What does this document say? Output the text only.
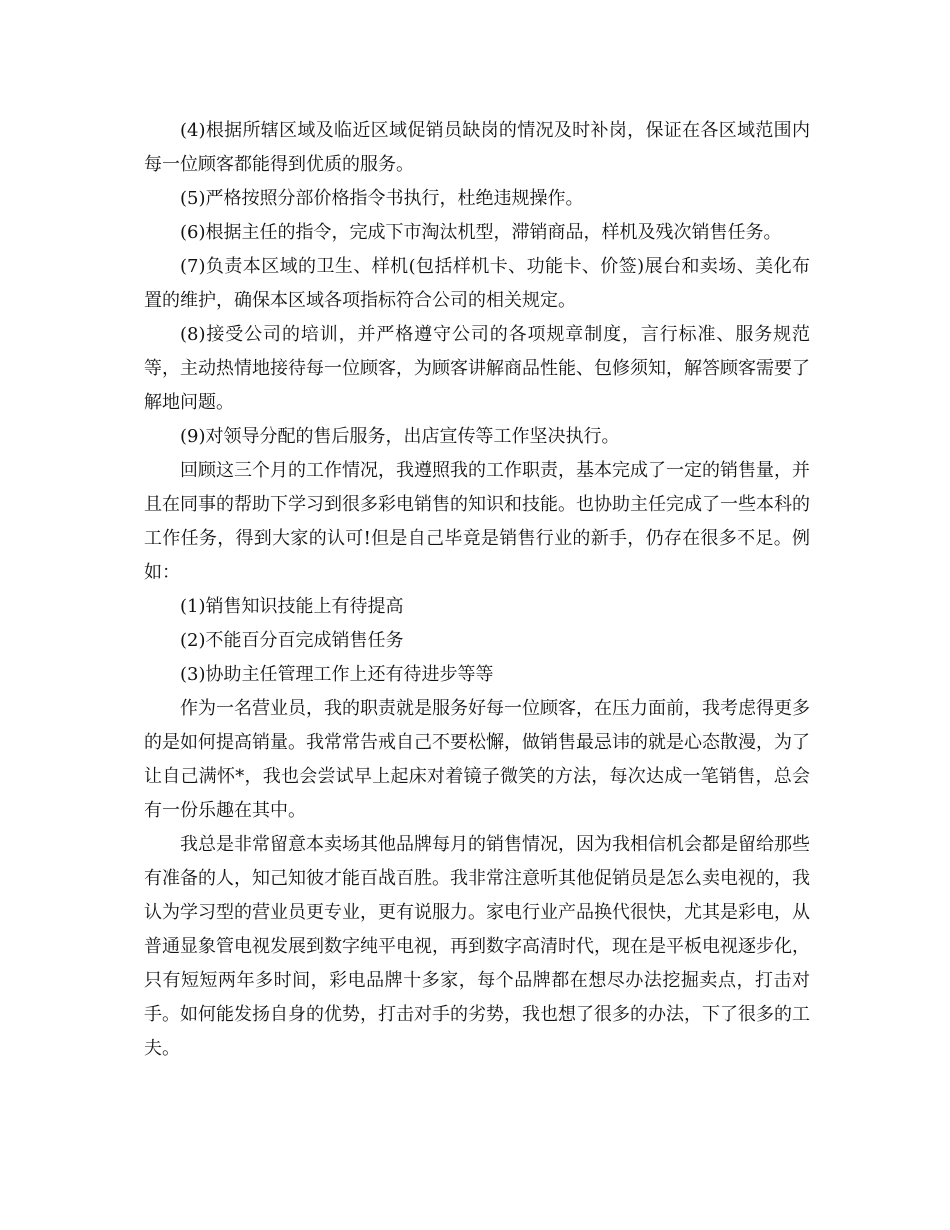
(4)根据所辖区域及临近区域促销员缺岗的情况及时补岗，保证在各区域范围内每一位顾客都能得到优质的服务。

(5)严格按照分部价格指令书执行，杜绝违规操作。

(6)根据主任的指令，完成下市淘汰机型，滞销商品，样机及残次销售任务。

(7)负责本区域的卫生、样机(包括样机卡、功能卡、价签)展台和卖场、美化布置的维护，确保本区域各项指标符合公司的相关规定。

(8)接受公司的培训，并严格遵守公司的各项规章制度，言行标准、服务规范等，主动热情地接待每一位顾客，为顾客讲解商品性能、包修须知，解答顾客需要了解地问题。

(9)对领导分配的售后服务，出店宣传等工作坚决执行。

回顾这三个月的工作情况，我遵照我的工作职责，基本完成了一定的销售量，并且在同事的帮助下学习到很多彩电销售的知识和技能。也协助主任完成了一些本科的工作任务，得到大家的认可!但是自己毕竟是销售行业的新手，仍存在很多不足。例如：

(1)销售知识技能上有待提高

(2)不能百分百完成销售任务

(3)协助主任管理工作上还有待进步等等

作为一名营业员，我的职责就是服务好每一位顾客，在压力面前，我考虑得更多的是如何提高销量。我常常告戒自己不要松懈，做销售最忌讳的就是心态散漫，为了让自己满怀*，我也会尝试早上起床对着镜子微笑的方法，每次达成一笔销售，总会有一份乐趣在其中。

我总是非常留意本卖场其他品牌每月的销售情况，因为我相信机会都是留给那些有准备的人，知己知彼才能百战百胜。我非常注意听其他促销员是怎么卖电视的，我认为学习型的营业员更专业，更有说服力。家电行业产品换代很快，尤其是彩电，从普通显象管电视发展到数字纯平电视，再到数字高清时代，现在是平板电视逐步化，只有短短两年多时间，彩电品牌十多家，每个品牌都在想尽办法挖掘卖点，打击对手。如何能发扬自身的优势，打击对手的劣势，我也想了很多的办法，下了很多的工夫。
